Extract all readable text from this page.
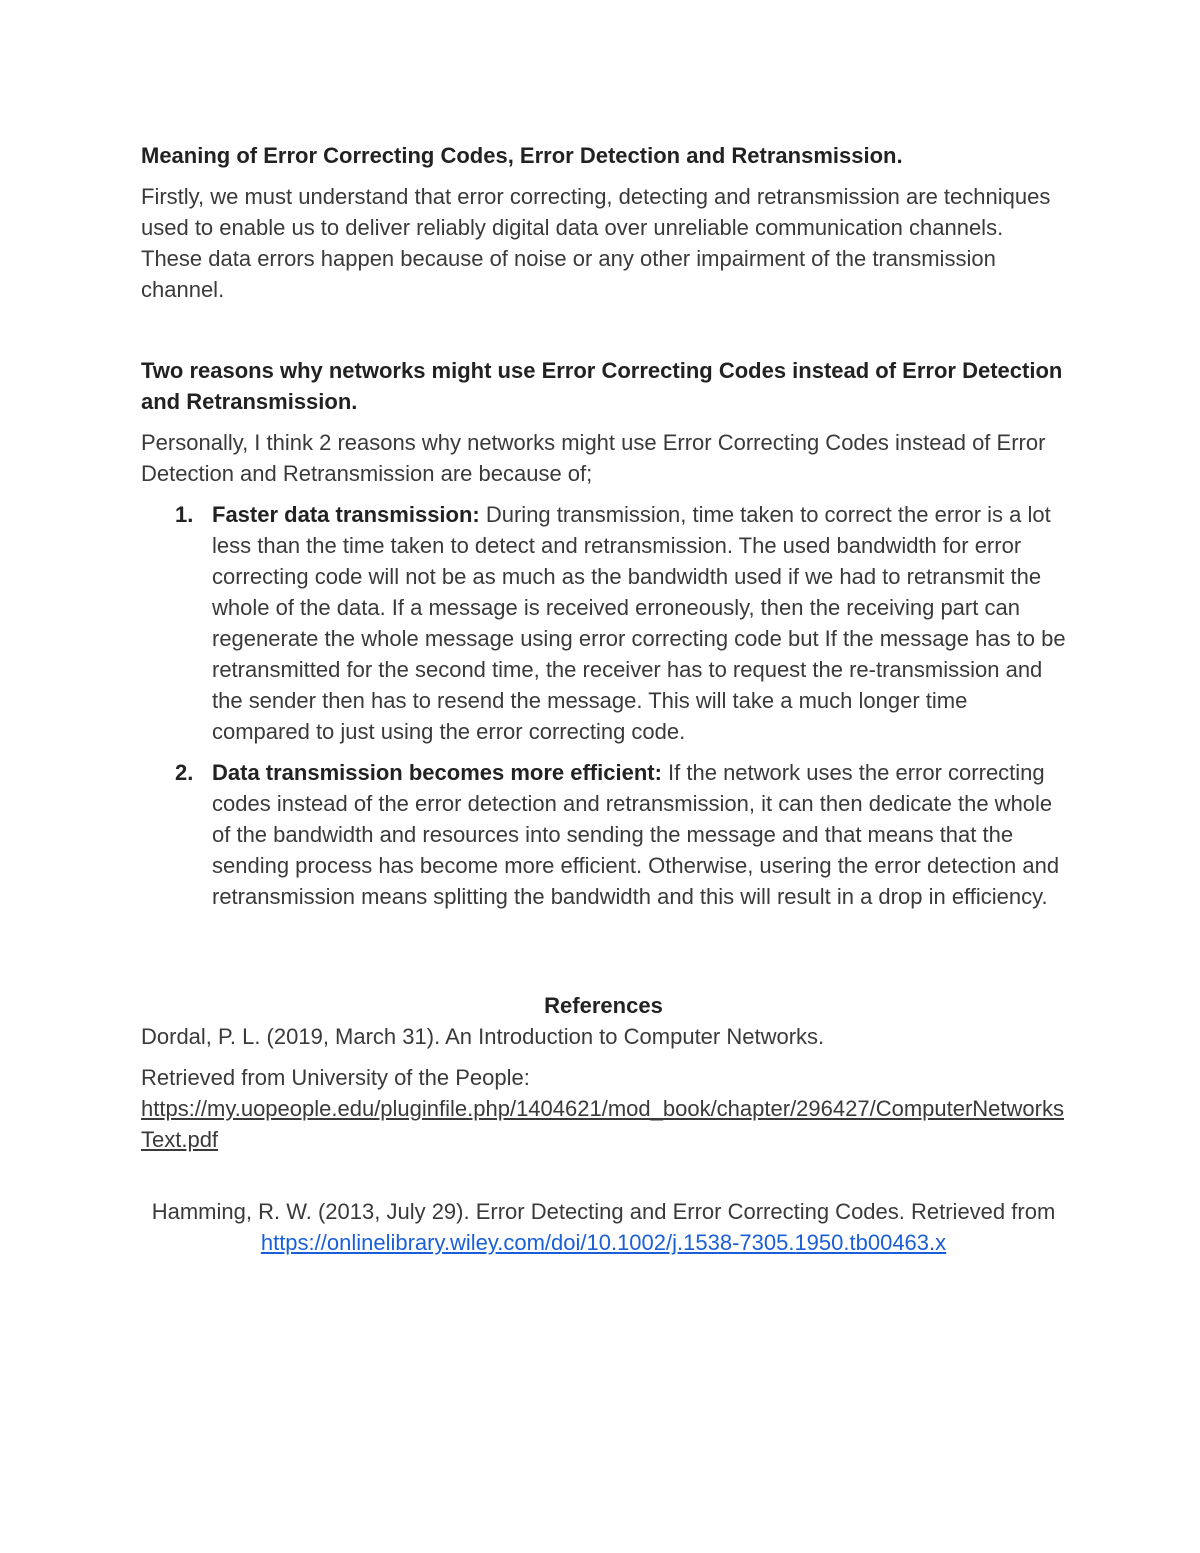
Meaning of Error Correcting Codes, Error Detection and Retransmission.

Firstly, we must understand that error correcting, detecting and retransmission are techniques used to enable us to deliver reliably digital data over unreliable communication channels. These data errors happen because of noise or any other impairment of the transmission channel.

Two reasons why networks might use Error Correcting Codes instead of Error Detection and Retransmission.

Personally, I think 2 reasons why networks might use Error Correcting Codes instead of Error Detection and Retransmission are because of;

1. Faster data transmission: During transmission, time taken to correct the error is a lot less than the time taken to detect and retransmission. The used bandwidth for error correcting code will not be as much as the bandwidth used if we had to retransmit the whole of the data. If a message is received erroneously, then the receiving part can regenerate the whole message using error correcting code but If the message has to be retransmitted for the second time, the receiver has to request the re-transmission and the sender then has to resend the message. This will take a much longer time compared to just using the error correcting code.
2. Data transmission becomes more efficient: If the network uses the error correcting codes instead of the error detection and retransmission, it can then dedicate the whole of the bandwidth and resources into sending the message and that means that the sending process has become more efficient. Otherwise, usering the error detection and retransmission means splitting the bandwidth and this will result in a drop in efficiency.
References

Dordal, P. L. (2019, March 31). An Introduction to Computer Networks.

Retrieved from University of the People:
https://my.uopeople.edu/pluginfile.php/1404621/mod_book/chapter/296427/ComputerNetworksText.pdf

Hamming, R. W. (2013, July 29). Error Detecting and Error Correcting Codes. Retrieved from https://onlinelibrary.wiley.com/doi/10.1002/j.1538-7305.1950.tb00463.x
